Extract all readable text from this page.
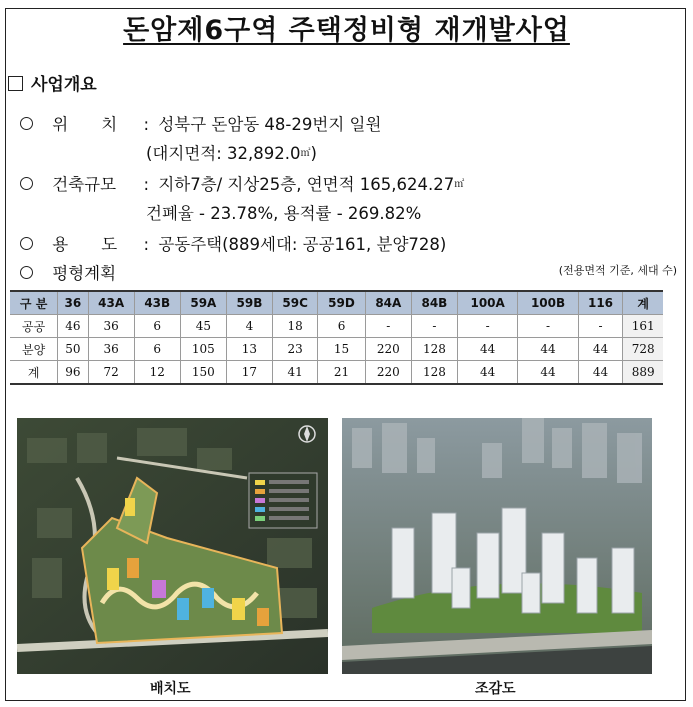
돈암제6구역 주택정비형 재개발사업
사업개요
위　　치 : 성북구 돈암동 48-29번지 일원
(대지면적: 32,892.0㎡)
건축규모 : 지하7층/ 지상25층, 연면적 165,624.27㎡
건폐율 - 23.78%, 용적률 - 269.82%
용　　도 : 공동주택(889세대: 공공161, 분양728)
평형계획	(전용면적 기준, 세대 수)
구 분	36	43A	43B	59A	59B	59C	59D	84A	84B	100A	100B	116	계
공공	46	36	6	45	4	18	6	-	-	-	-	-	161
분양	50	36	6	105	13	23	15	220	128	44	44	44	728
계	96	72	12	150	17	41	21	220	128	44	44	44	889
배치도	조감도
